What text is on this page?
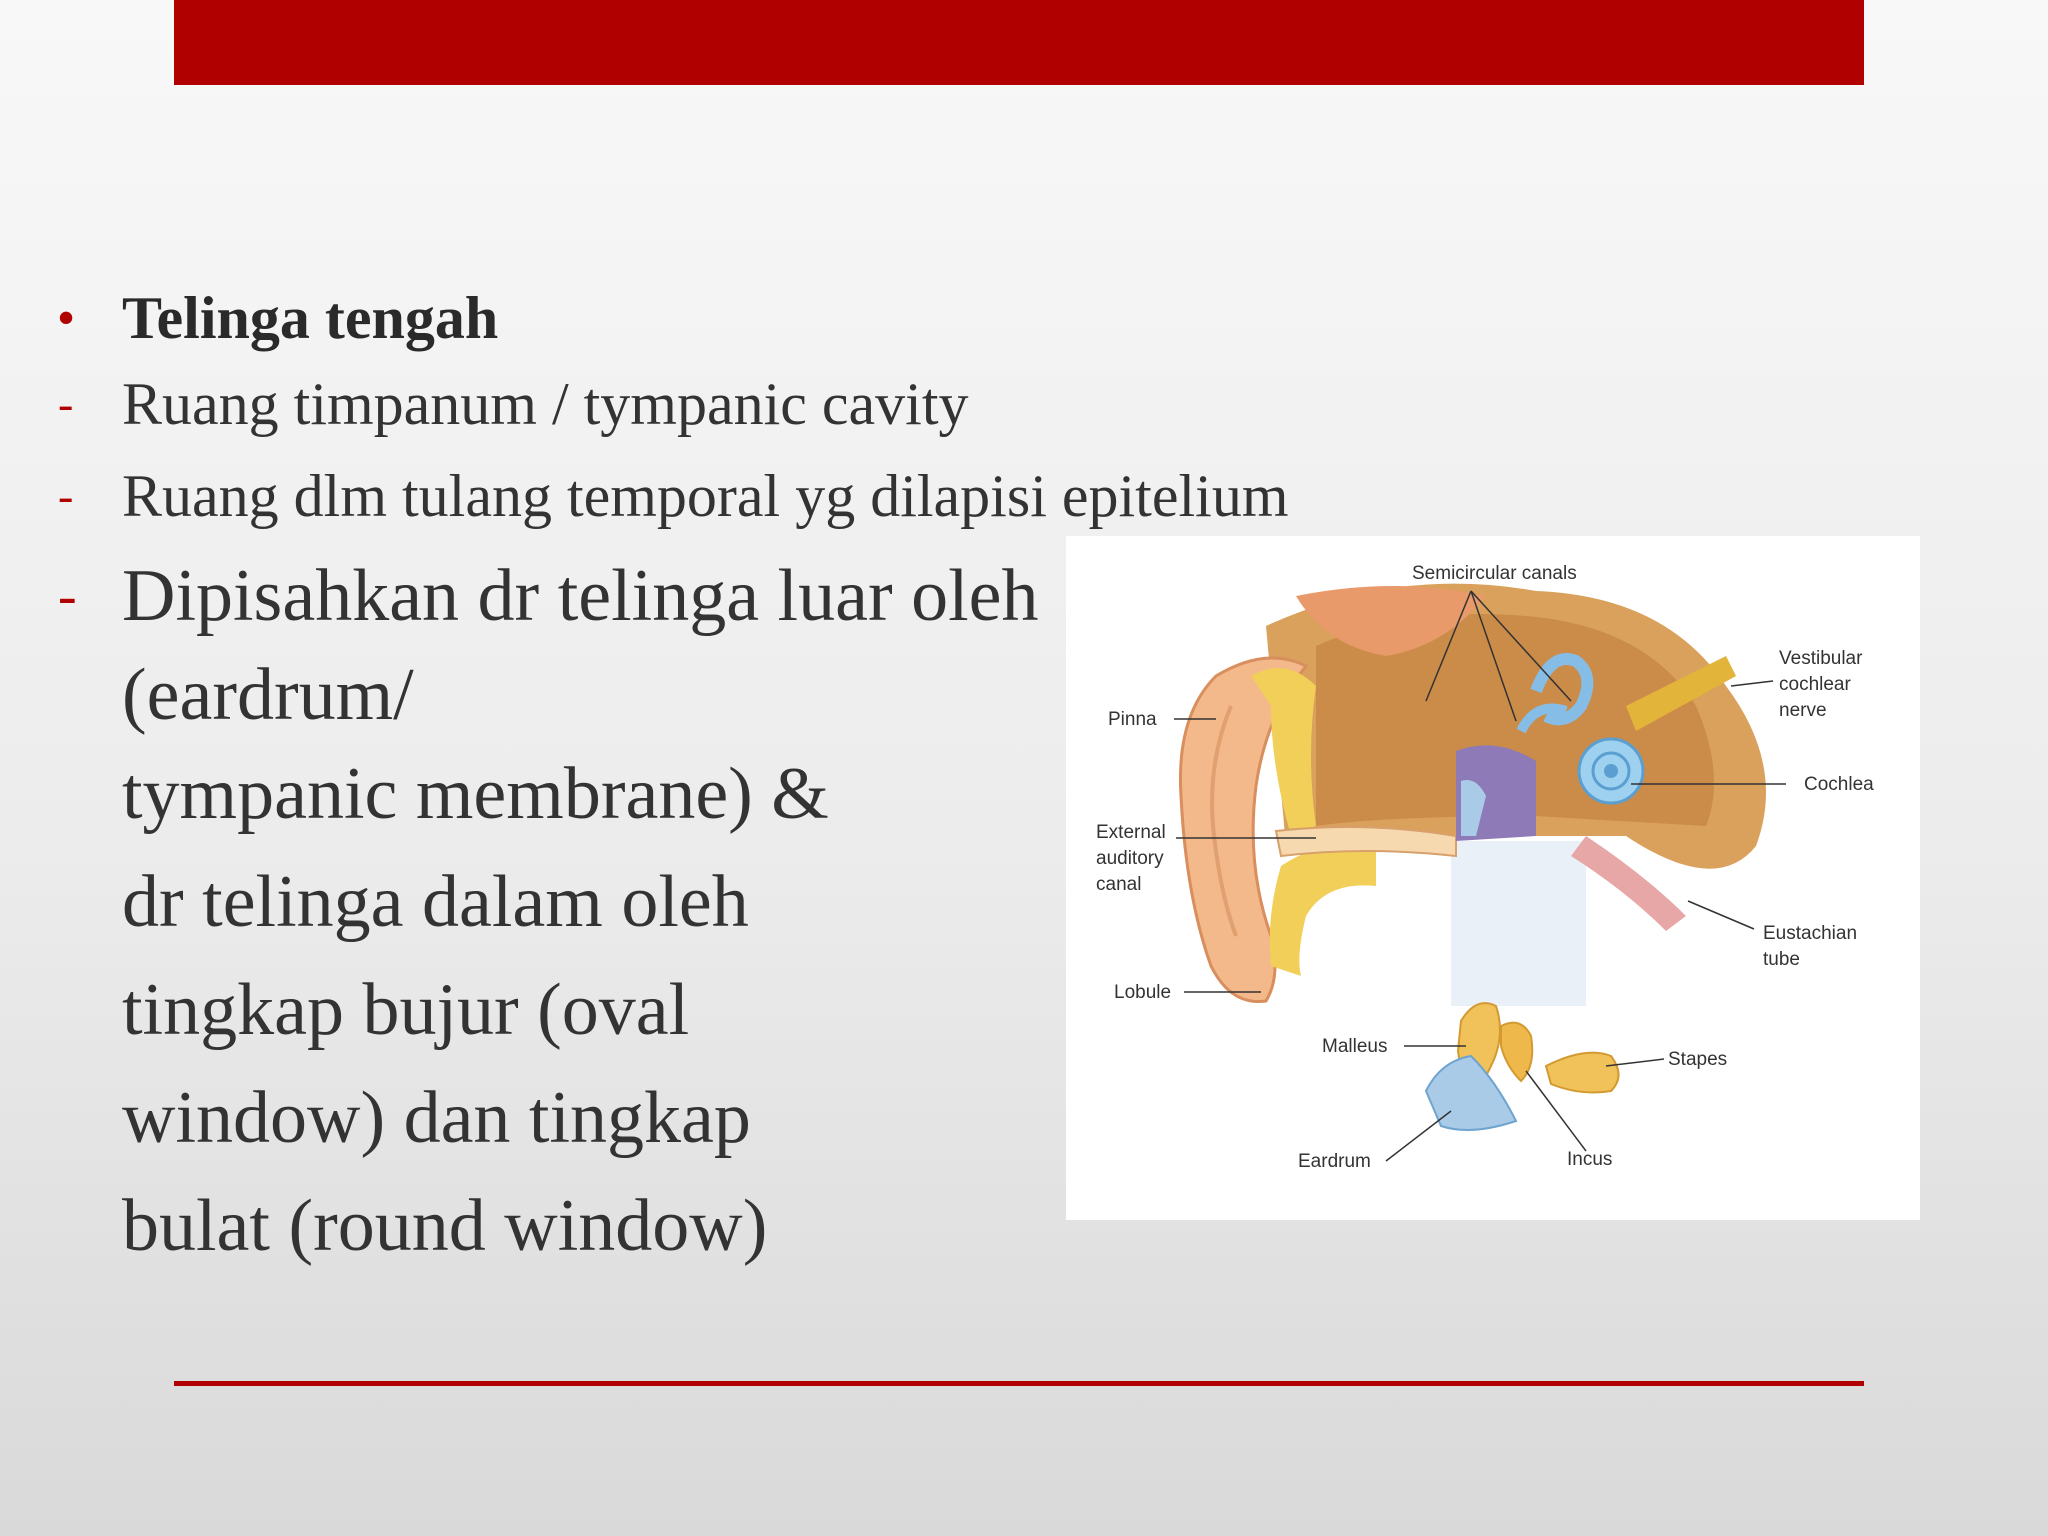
• Telinga tengah
- Ruang timpanum / tympanic cavity
- Ruang dlm tulang temporal yg dilapisi epitelium
- Dipisahkan dr telinga luar oleh
(eardrum/
tympanic membrane) &
dr telinga dalam oleh
tingkap bujur (oval
window) dan tingkap
bulat (round window)
Semicircular canals
Vestibular
cochlear
nerve
Pinna
Cochlea
External
auditory
canal
Eustachian
tube
Lobule
Malleus
Stapes
Eardrum	Incus
